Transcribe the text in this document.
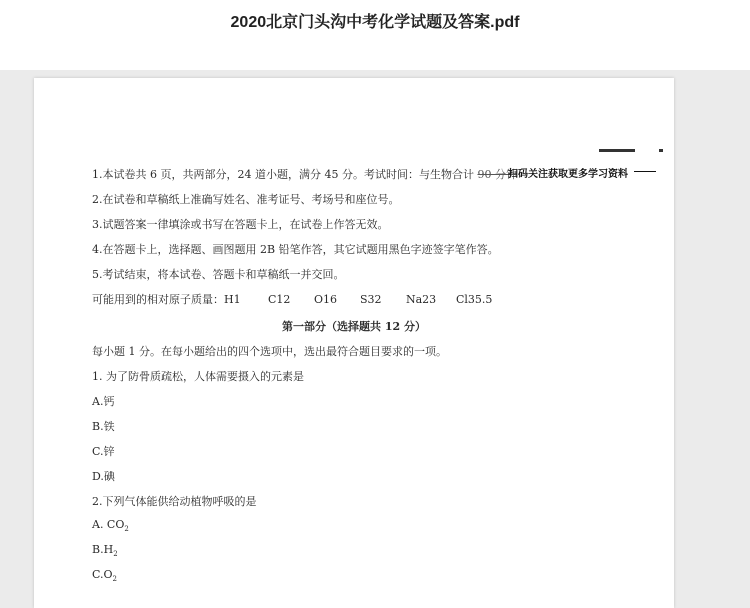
2020北京门头沟中考化学试题及答案.pdf

1.本试卷共 6 页，共两部分，24 道小题，满分 45 分。考试时间：与生物合计 90 分钟

扫码关注获取更多学习资料

2.在试卷和草稿纸上准确写姓名、准考证号、考场号和座位号。

3.试题答案一律填涂或书写在答题卡上，在试卷上作答无效。

4.在答题卡上，选择题、画图题用 2B 铅笔作答，其它试题用黑色字迹签字笔作答。

5.考试结束，将本试卷、答题卡和草稿纸一并交回。

可能用到的相对原子质量：H1 C12 O16 S32 Na23 Cl35.5

第一部分（选择题共 12 分）

每小题 1 分。在每小题给出的四个选项中，选出最符合题目要求的一项。

1. 为了防骨质疏松，人体需要摄入的元素是

A.钙

B.铁

C.锌

D.碘

2.下列气体能供给动植物呼吸的是

A. $CO_2$

$B.H_2$

$C.O_2$
